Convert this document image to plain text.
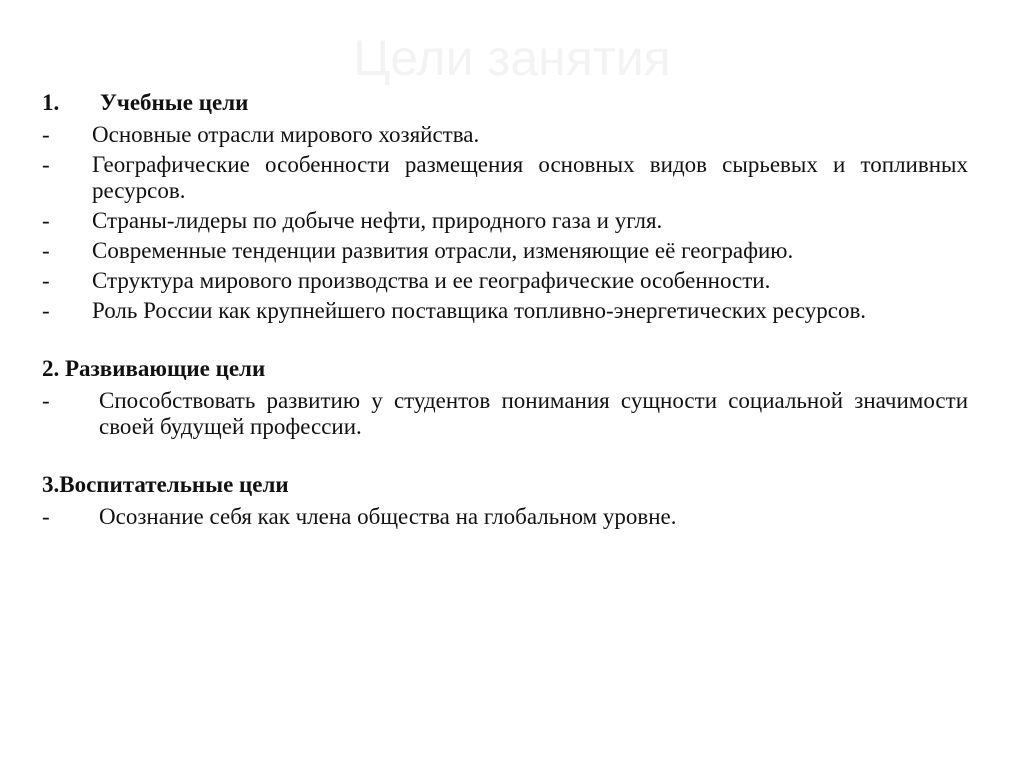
Цели занятия
1.	Учебные цели
-	Основные отрасли мирового хозяйства.
-	Географические особенности размещения основных видов сырьевых и топливных ресурсов.
-	Страны-лидеры по добыче нефти, природного газа и угля.
-	Современные тенденции развития отрасли, изменяющие её географию.
-	Структура мирового производства и ее географические особенности.
-	Роль России как крупнейшего поставщика топливно-энергетических ресурсов.
2 . Развивающие цели
-	Способствовать развитию у студентов понимания сущности социальной значимости своей будущей профессии.
3. Воспитательные цели
-	Осознание себя как члена общества на глобальном уровне.
